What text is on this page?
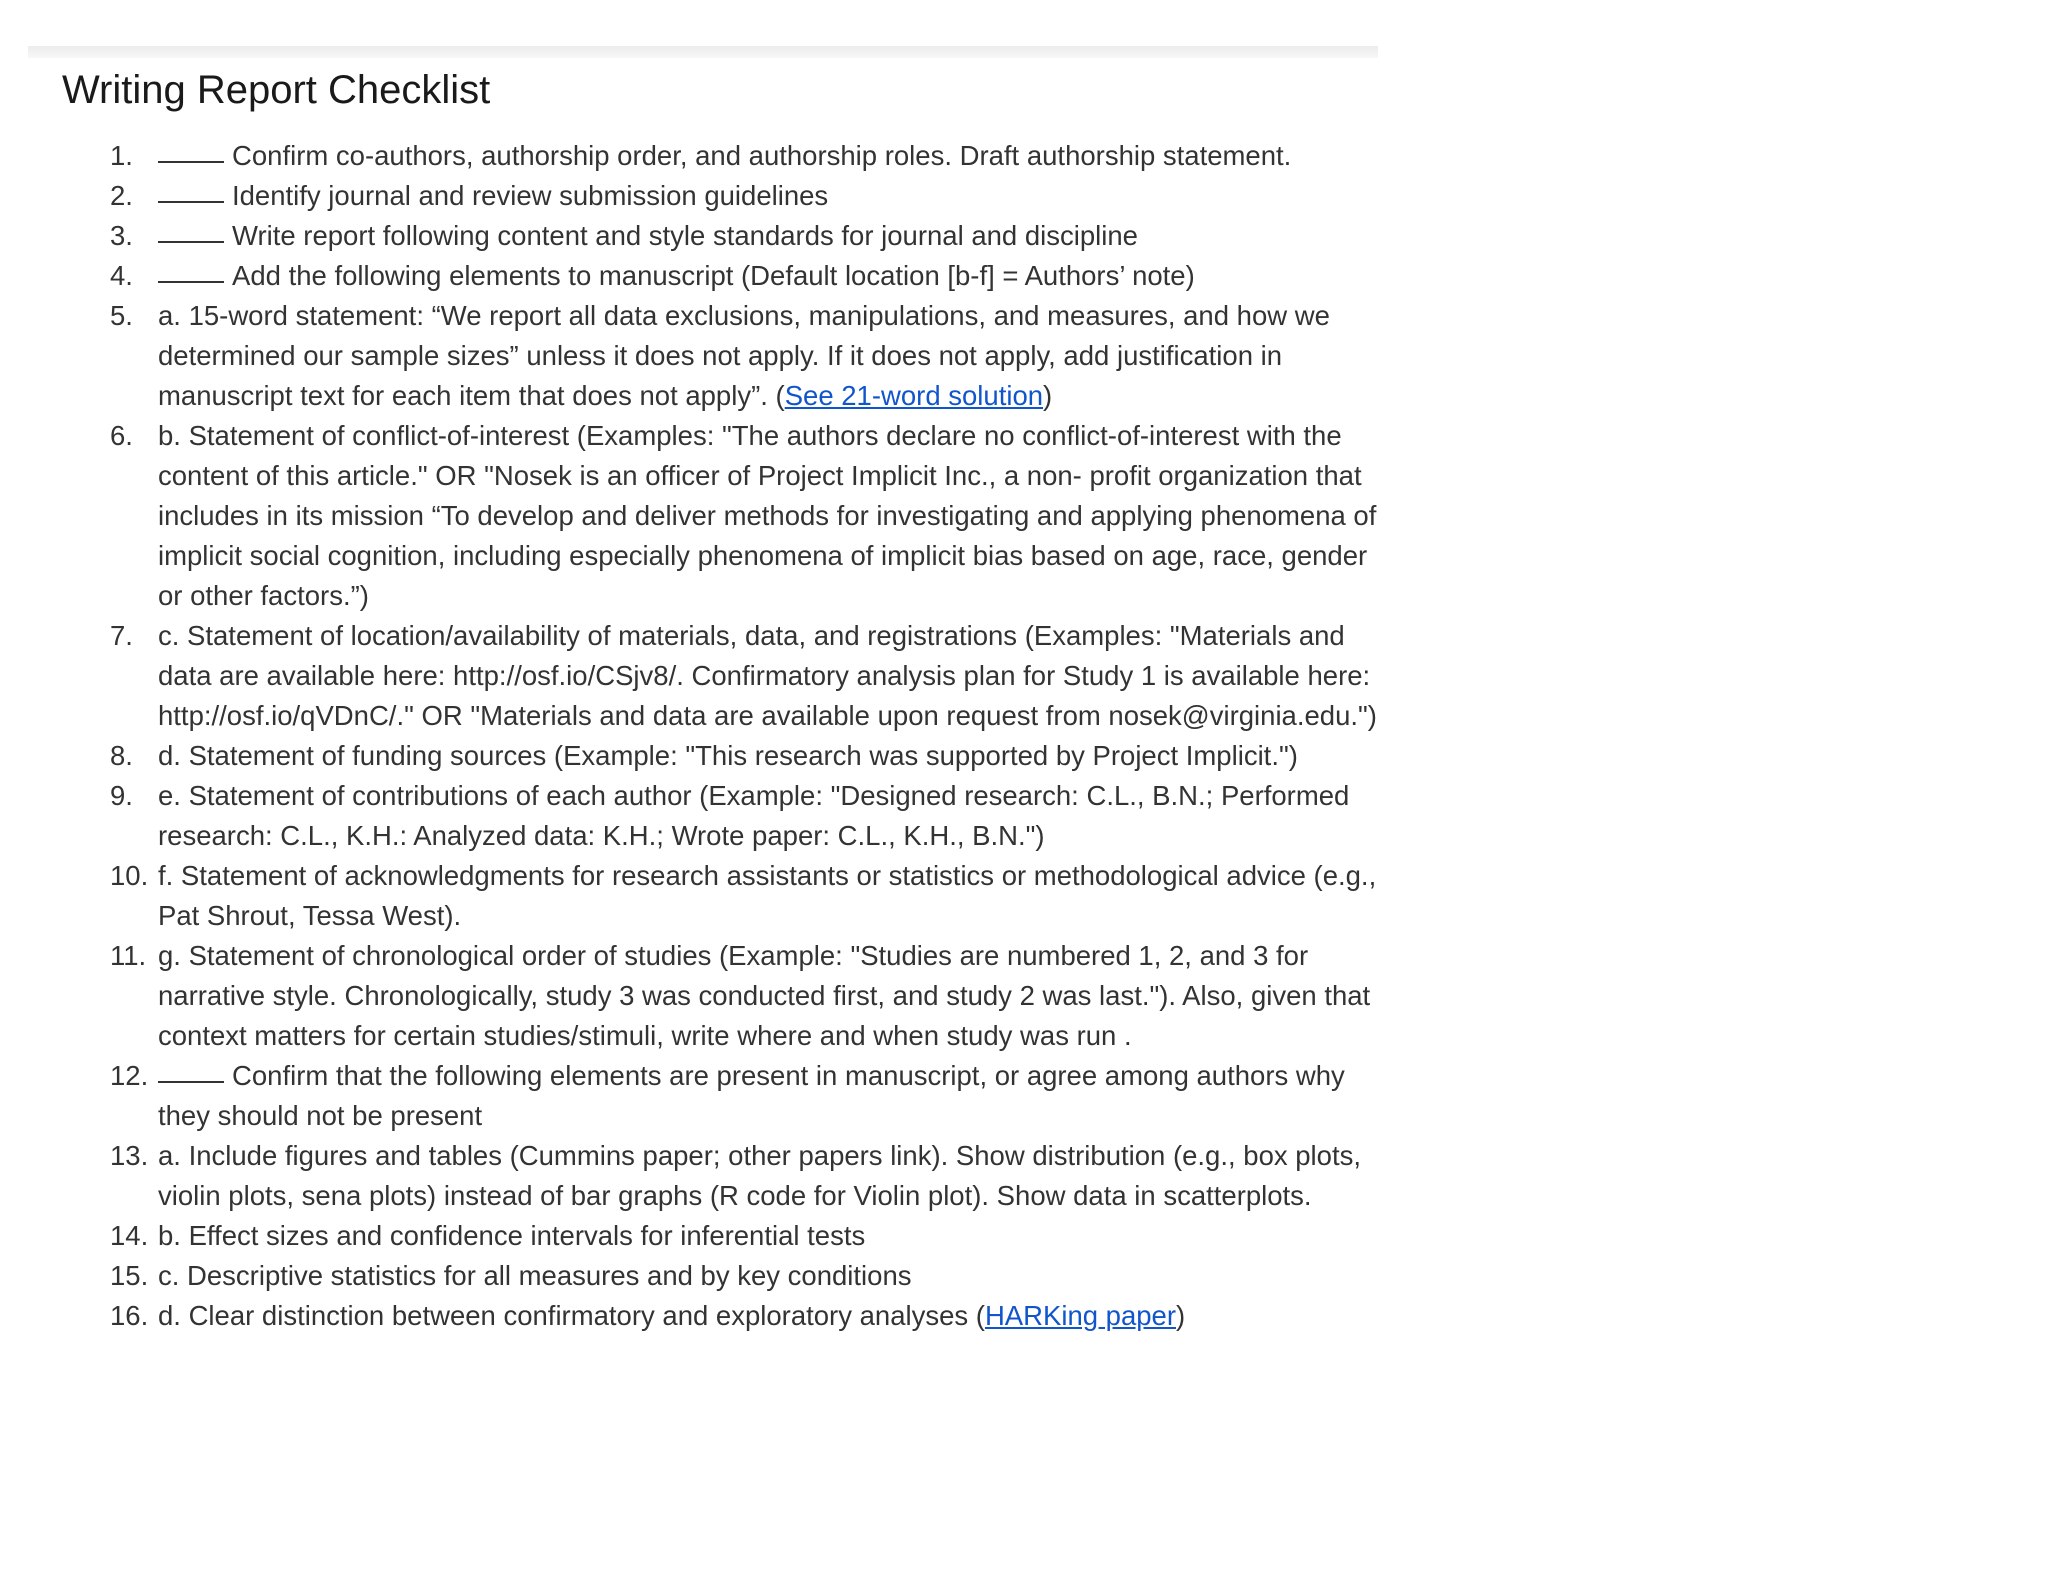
Writing Report Checklist
1.	Confirm co-authors, authorship order, and authorship roles. Draft authorship statement.
2.	Identify journal and review submission guidelines
3.	Write report following content and style standards for journal and discipline
4.	Add the following elements to manuscript (Default location [b-f] = Authors’ note)
5. a. 15-word statement: “We report all data exclusions, manipulations, and measures, and how we determined our sample sizes” unless it does not apply. If it does not apply, add justification in manuscript text for each item that does not apply”. (See 21-word solution)
6. b. Statement of conflict-of-interest (Examples: "The authors declare no conflict-of-interest with the content of this article." OR "Nosek is an officer of Project Implicit Inc., a non- profit organization that includes in its mission “To develop and deliver methods for investigating and applying phenomena of implicit social cognition, including especially phenomena of implicit bias based on age, race, gender or other factors.”)
7. c. Statement of location/availability of materials, data, and registrations (Examples: "Materials and data are available here: http://osf.io/CSjv8/. Confirmatory analysis plan for Study 1 is available here: http://osf.io/qVDnC/." OR "Materials and data are available upon request from nosek@virginia.edu.")
8. d. Statement of funding sources (Example: "This research was supported by Project Implicit.")
9. e. Statement of contributions of each author (Example: "Designed research: C.L., B.N.; Performed research: C.L., K.H.: Analyzed data: K.H.; Wrote paper: C.L., K.H., B.N.")
10. f. Statement of acknowledgments for research assistants or statistics or methodological advice (e.g., Pat Shrout, Tessa West).
11. g. Statement of chronological order of studies (Example: "Studies are numbered 1, 2, and 3 for narrative style. Chronologically, study 3 was conducted first, and study 2 was last."). Also, given that context matters for certain studies/stimuli, write where and when study was run .
12.	Confirm that the following elements are present in manuscript, or agree among authors why they should not be present
13. a. Include figures and tables (Cummins paper; other papers link). Show distribution (e.g., box plots, violin plots, sena plots) instead of bar graphs (R code for Violin plot). Show data in scatterplots.
14. b. Effect sizes and confidence intervals for inferential tests
15. c. Descriptive statistics for all measures and by key conditions
16. d. Clear distinction between confirmatory and exploratory analyses (HARKing paper)
